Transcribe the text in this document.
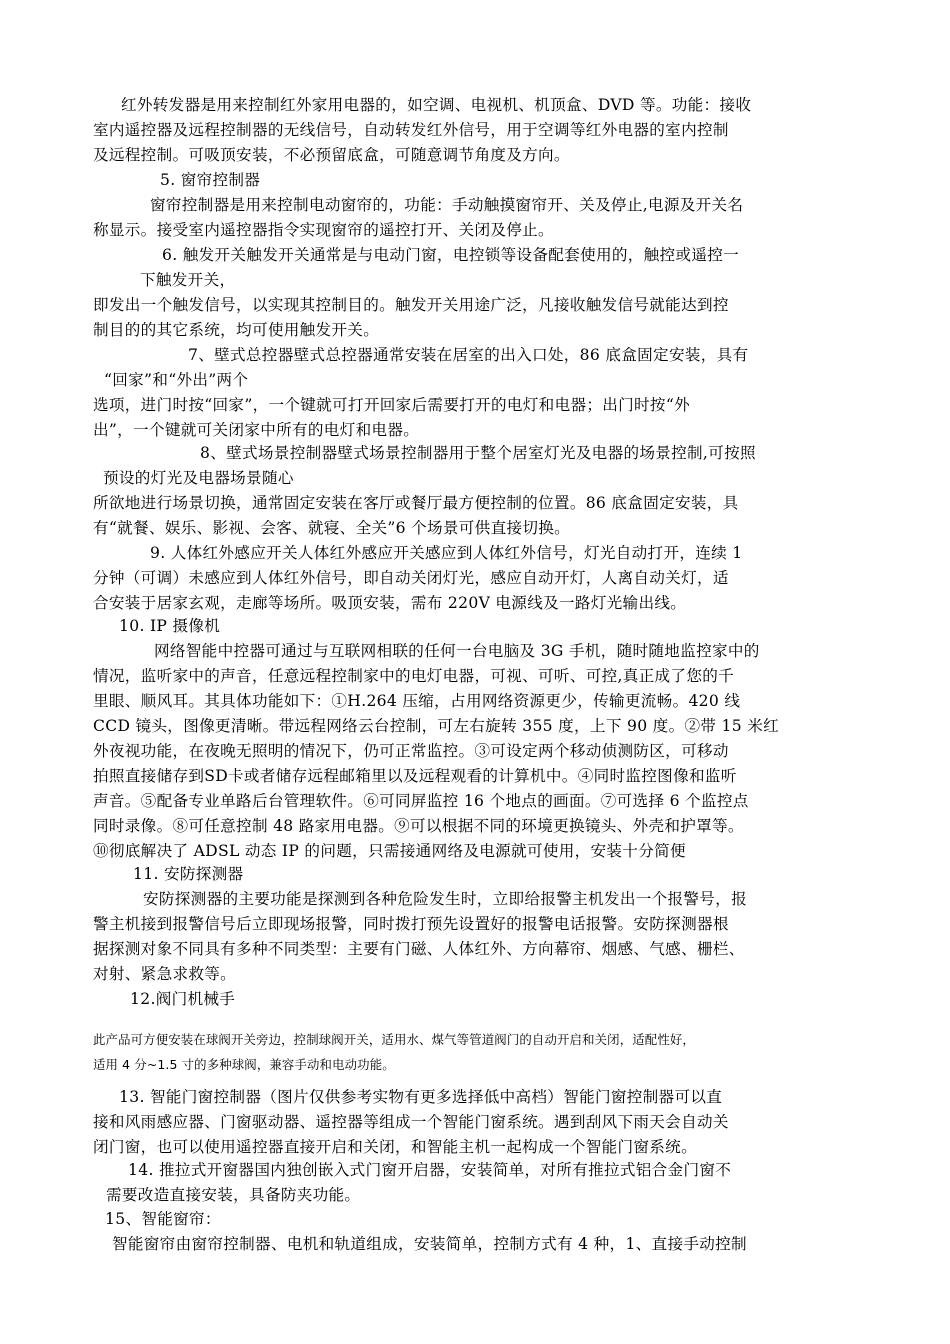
红外转发器是用来控制红外家用电器的，如空调、电视机、机顶盒、DVD 等。功能：接收
室内遥控器及远程控制器的无线信号，自动转发红外信号，用于空调等红外电器的室内控制
及远程控制。可吸顶安装，不必预留底盒，可随意调节角度及方向。
5. 窗帘控制器
窗帘控制器是用来控制电动窗帘的，功能：手动触摸窗帘开、关及停止,电源及开关名
称显示。接受室内遥控器指令实现窗帘的遥控打开、关闭及停止。
6. 触发开关触发开关通常是与电动门窗，电控锁等设备配套使用的，触控或遥控一
下触发开关，
即发出一个触发信号，以实现其控制目的。触发开关用途广泛，凡接收触发信号就能达到控
制目的的其它系统，均可使用触发开关。
7、壁式总控器壁式总控器通常安装在居室的出入口处，86 底盒固定安装，具有
“回家”和“外出”两个
选项，进门时按“回家”，一个键就可打开回家后需要打开的电灯和电器；出门时按“外
出”，一个键就可关闭家中所有的电灯和电器。
8、壁式场景控制器壁式场景控制器用于整个居室灯光及电器的场景控制,可按照
预设的灯光及电器场景随心
所欲地进行场景切换，通常固定安装在客厅或餐厅最方便控制的位置。86 底盒固定安装，具
有“就餐、娱乐、影视、会客、就寝、全关”6 个场景可供直接切换。
9. 人体红外感应开关人体红外感应开关感应到人体红外信号，灯光自动打开，连续 1
分钟（可调）未感应到人体红外信号，即自动关闭灯光，感应自动开灯，人离自动关灯，适
合安装于居家玄观，走廊等场所。吸顶安装，需布 220V 电源线及一路灯光输出线。
10. IP 摄像机
网络智能中控器可通过与互联网相联的任何一台电脑及 3G 手机，随时随地监控家中的
情况，监听家中的声音，任意远程控制家中的电灯电器，可视、可听、可控,真正成了您的千
里眼、顺风耳。其具体功能如下：①H.264 压缩，占用网络资源更少，传输更流畅。420 线
CCD 镜头，图像更清晰。带远程网络云台控制，可左右旋转 355 度，上下 90 度。②带 15 米红
外夜视功能，在夜晚无照明的情况下，仍可正常监控。③可设定两个移动侦测防区，可移动
拍照直接储存到SD卡或者储存远程邮箱里以及远程观看的计算机中。④同时监控图像和监听
声音。⑤配备专业单路后台管理软件。⑥可同屏监控 16 个地点的画面。⑦可选择 6 个监控点
同时录像。⑧可任意控制 48 路家用电器。⑨可以根据不同的环境更换镜头、外壳和护罩等。
⑩彻底解决了 ADSL 动态 IP 的问题，只需接通网络及电源就可使用，安装十分简便
11. 安防探测器
安防探测器的主要功能是探测到各种危险发生时，立即给报警主机发出一个报警号，报
警主机接到报警信号后立即现场报警，同时拨打预先设置好的报警电话报警。安防探测器根
据探测对象不同具有多种不同类型：主要有门磁、人体红外、方向幕帘、烟感、气感、栅栏、
对射、紧急求救等。
12.阀门机械手
此产品可方便安装在球阀开关旁边，控制球阀开关，适用水、煤气等管道阀门的自动开启和关闭，适配性好，
适用 4 分~1.5 寸的多种球阀，兼容手动和电动功能。
13. 智能门窗控制器（图片仅供参考实物有更多选择低中高档）智能门窗控制器可以直
接和风雨感应器、门窗驱动器、遥控器等组成一个智能门窗系统。遇到刮风下雨天会自动关
闭门窗，也可以使用遥控器直接开启和关闭，和智能主机一起构成一个智能门窗系统。
14. 推拉式开窗器国内独创嵌入式门窗开启器，安装简单，对所有推拉式铝合金门窗不
需要改造直接安装，具备防夹功能。
15、智能窗帘：
智能窗帘由窗帘控制器、电机和轨道组成，安装简单，控制方式有 4 种，1、直接手动控制
